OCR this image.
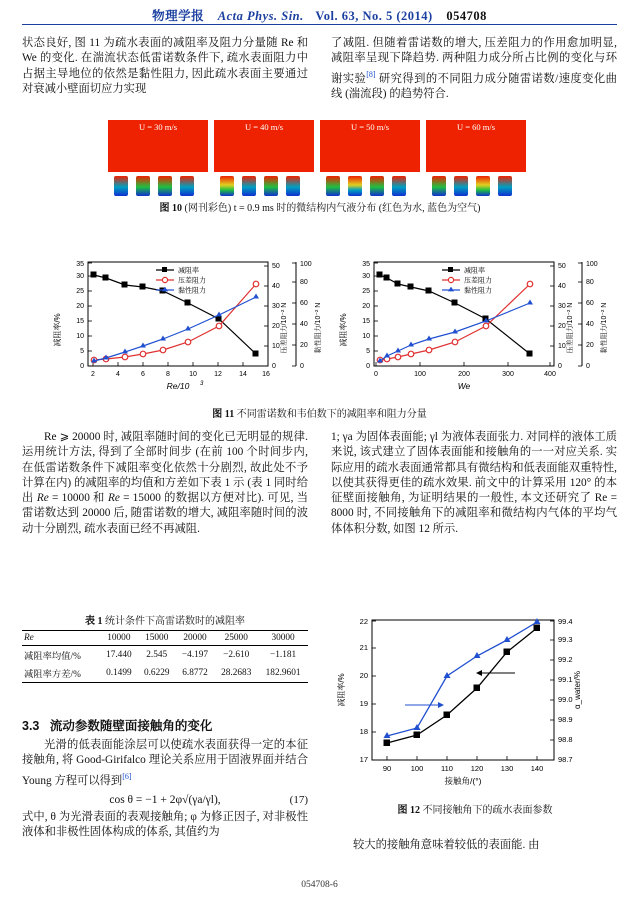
物理学报 Acta Phys. Sin. Vol. 63, No. 5 (2014) 054708

状态良好, 图 11 为疏水表面的减阻率及阻力分量随 Re 和 We 的变化. 在湍流状态低雷诺数条件下, 疏水表面阻力中占据主导地位的依然是黏性阻力, 因此疏水表面主要通过对衰减小壁面切应力实现

了减阻. 但随着雷诺数的增大, 压差阻力的作用愈加明显, 减阻率呈现下降趋势. 两种阻力成分所占比例的变化与环谢实验[8] 研究得到的不同阻力成分随雷诺数/速度变化曲线 (湍流段) 的趋势符合.

U = 30 m/s	U = 40 m/s	U = 50 m/s	U = 60 m/s
图 10 (网刊彩色) t = 0.9 ms 时的微结构内气液分布 (红色为水, 蓝色为空气)
0
5
10
15
20
25
30
35
0
10
20
30
40
50
0
20
40
60
80
100
2	4	6	8	10 12 14 16
Re/10 3
减阻率/%	压差阻力/10⁻² N	黏性阻力/10⁻² N
减阻率
压差阻力
黏性阻力
0
5
10
15
20
25
30
35
0
10
20
30
40
50
0
20
40
60
80
100
0	100	200	300	400
We
减阻率/%	压差阻力/10⁻² N	黏性阻力/10⁻² N
减阻率
压差阻力
黏性阻力
图 11 不同雷诺数和韦伯数下的减阻率和阻力分量

Re ⩾ 20000 时, 减阻率随时间的变化已无明显的规律. 运用统计方法, 得到了全部时间步 (在前 100 个时间步内, 在低雷诺数条件下减阻率变化依然十分剧烈, 故此处不予计算在内) 的减阻率的均值和方差如下表 1 示 (表 1 同时给出 Re = 10000 和 Re = 15000 的数据以方便对比). 可见, 当雷诺数达到 20000 后, 随雷诺数的增大, 减阻率随时间的波动十分剧烈, 疏水表面已经不再减阻.

1; γa 为固体表面能; γl 为液体表面张力. 对同样的液体工质来说, 该式建立了固体表面能和接触角的一一对应关系. 实际应用的疏水表面通常都具有微结构和低表面能双重特性, 以使其获得更佳的疏水效果. 前文中的计算采用 120° 的本征壁面接触角, 为证明结果的一般性, 本文还研究了 Re = 8000 时, 不同接触角下的减阻率和微结构内气体的平均气体体积分数, 如图 12 所示.

表 1 统计条件下高雷诺数时的减阻率
Re	10000	15000	20000	25000	30000
减阻率均值/%	17.440	2.545	−4.197	−2.610	−1.181
减阻率方差/%	0.1499	0.6229	6.8772	28.2683	182.9601
3.3 流动参数随壁面接触角的变化

光滑的低表面能涂层可以使疏水表面获得一定的本征接触角, 将 Good-Girifalco 理论关系应用于固液界面并结合 Young 方程可以得到[6]

cos θ = −1 + 2φ√(γa/γl),	(17)

式中, θ 为光滑表面的表观接触角; φ 为修正因子, 对非极性液体和非极性固体构成的体系, 其值约为

17
18
19
20
21
22
98.7
98.8
98.9
99.0
99.1
99.2
99.3
99.4
90	100 110 120 130 140
接触角/(°)
减阻率/%	α_water/%
图 12 不同接触角下的疏水表面参数

较大的接触角意味着较低的表面能. 由

054708-6
